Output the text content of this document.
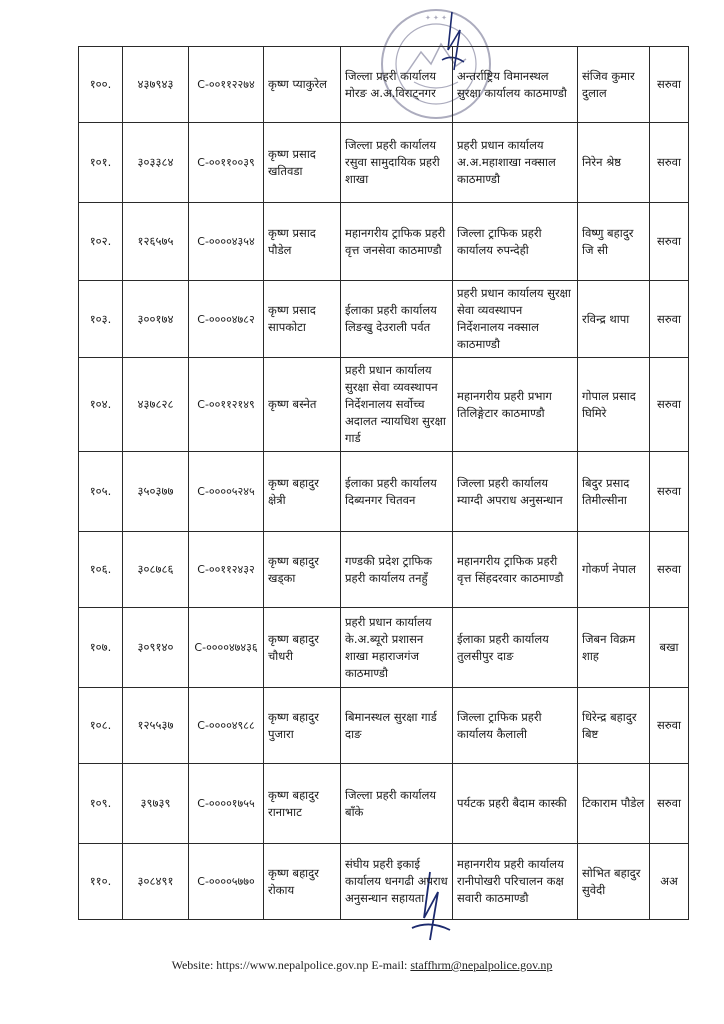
✦ ✦ ✦
१००.	४३७९४३	C-००११२२७४	कृष्ण प्याकुरेल	जिल्ला प्रहरी कार्यालय मोरङ अ.अ.विराट्नगर	अन्तर्राष्ट्रिय विमानस्थल सुरक्षा कार्यालय काठमाण्डौ	संजिव कुमार दुलाल	सरुवा
१०१.	३०३३८४	C-००११००३९	कृष्ण प्रसाद खतिवडा	जिल्ला प्रहरी कार्यालय रसुवा सामुदायिक प्रहरी शाखा	प्रहरी प्रधान कार्यालय अ.अ.महाशाखा नक्साल काठमाण्डौ	निरेन श्रेष्ठ	सरुवा
१०२.	१२६५७५	C-००००४३५४	कृष्ण प्रसाद पौडेल	महानगरीय ट्राफिक प्रहरी वृत्त जनसेवा काठमाण्डौ	जिल्ला ट्राफिक प्रहरी कार्यालय रुपन्देही	विष्णु बहादुर जि सी	सरुवा
१०३.	३००१७४	C-००००४७८२	कृष्ण प्रसाद सापकोटा	ईलाका प्रहरी कार्यालय लिङखु देउराली पर्वत	प्रहरी प्रधान कार्यालय सुरक्षा सेवा व्यवस्थापन निर्देशनालय नक्साल काठमाण्डौ	रविन्द्र थापा	सरुवा
१०४.	४३७८२८	C-००११२१४९	कृष्ण बस्नेत	प्रहरी प्रधान कार्यालय सुरक्षा सेवा व्यवस्थापन निर्देशनालय सर्वोच्च अदालत न्यायधिश सुरक्षा गार्ड	महानगरीय प्रहरी प्रभाग तिलिङ्गेटार काठमाण्डौ	गोपाल प्रसाद घिमिरे	सरुवा
१०५.	३५०३७७	C-००००५२४५	कृष्ण बहादुर क्षेत्री	ईलाका प्रहरी कार्यालय दिब्यनगर चितवन	जिल्ला प्रहरी कार्यालय म्याग्दी अपराध अनुसन्धान	बिदुर प्रसाद तिमील्सीना	सरुवा
१०६.	३०८७८६	C-००११२४३२	कृष्ण बहादुर खड्का	गण्डकी प्रदेश ट्राफिक प्रहरी कार्यालय तनहुँ	महानगरीय ट्राफिक प्रहरी वृत्त सिंहदरवार काठमाण्डौ	गोकर्ण नेपाल	सरुवा
१०७.	३०९१४०	C-००००४७४३६	कृष्ण बहादुर चौधरी	प्रहरी प्रधान कार्यालय के.अ.ब्यूरो प्रशासन शाखा महाराजगंज काठमाण्डौ	ईलाका प्रहरी कार्यालय तुलसीपुर दाङ	जिबन विक्रम शाह	बखा
१०८.	१२५५३७	C-००००४९८८	कृष्ण बहादुर पुजारा	बिमानस्थल सुरक्षा गार्ड दाङ	जिल्ला ट्राफिक प्रहरी कार्यालय कैलाली	धिरेन्द्र बहादुर बिष्ट	सरुवा
१०९.	३९७३९	C-००००१७५५	कृष्ण बहादुर रानाभाट	जिल्ला प्रहरी कार्यालय बाँके	पर्यटक प्रहरी बैदाम कास्की	टिकाराम पौडेल	सरुवा
११०.	३०८४९१	C-००००५७७०	कृष्ण बहादुर रोकाय	संघीय प्रहरी इकाई कार्यालय धनगढी अपराध अनुसन्धान सहायता	महानगरीय प्रहरी कार्यालय रानीपोखरी परिचालन कक्ष सवारी काठमाण्डौ	सोभित बहादुर सुवेदी	अअ
Website: https://www.nepalpolice.gov.np E-mail: staffhrm@nepalpolice.gov.np
